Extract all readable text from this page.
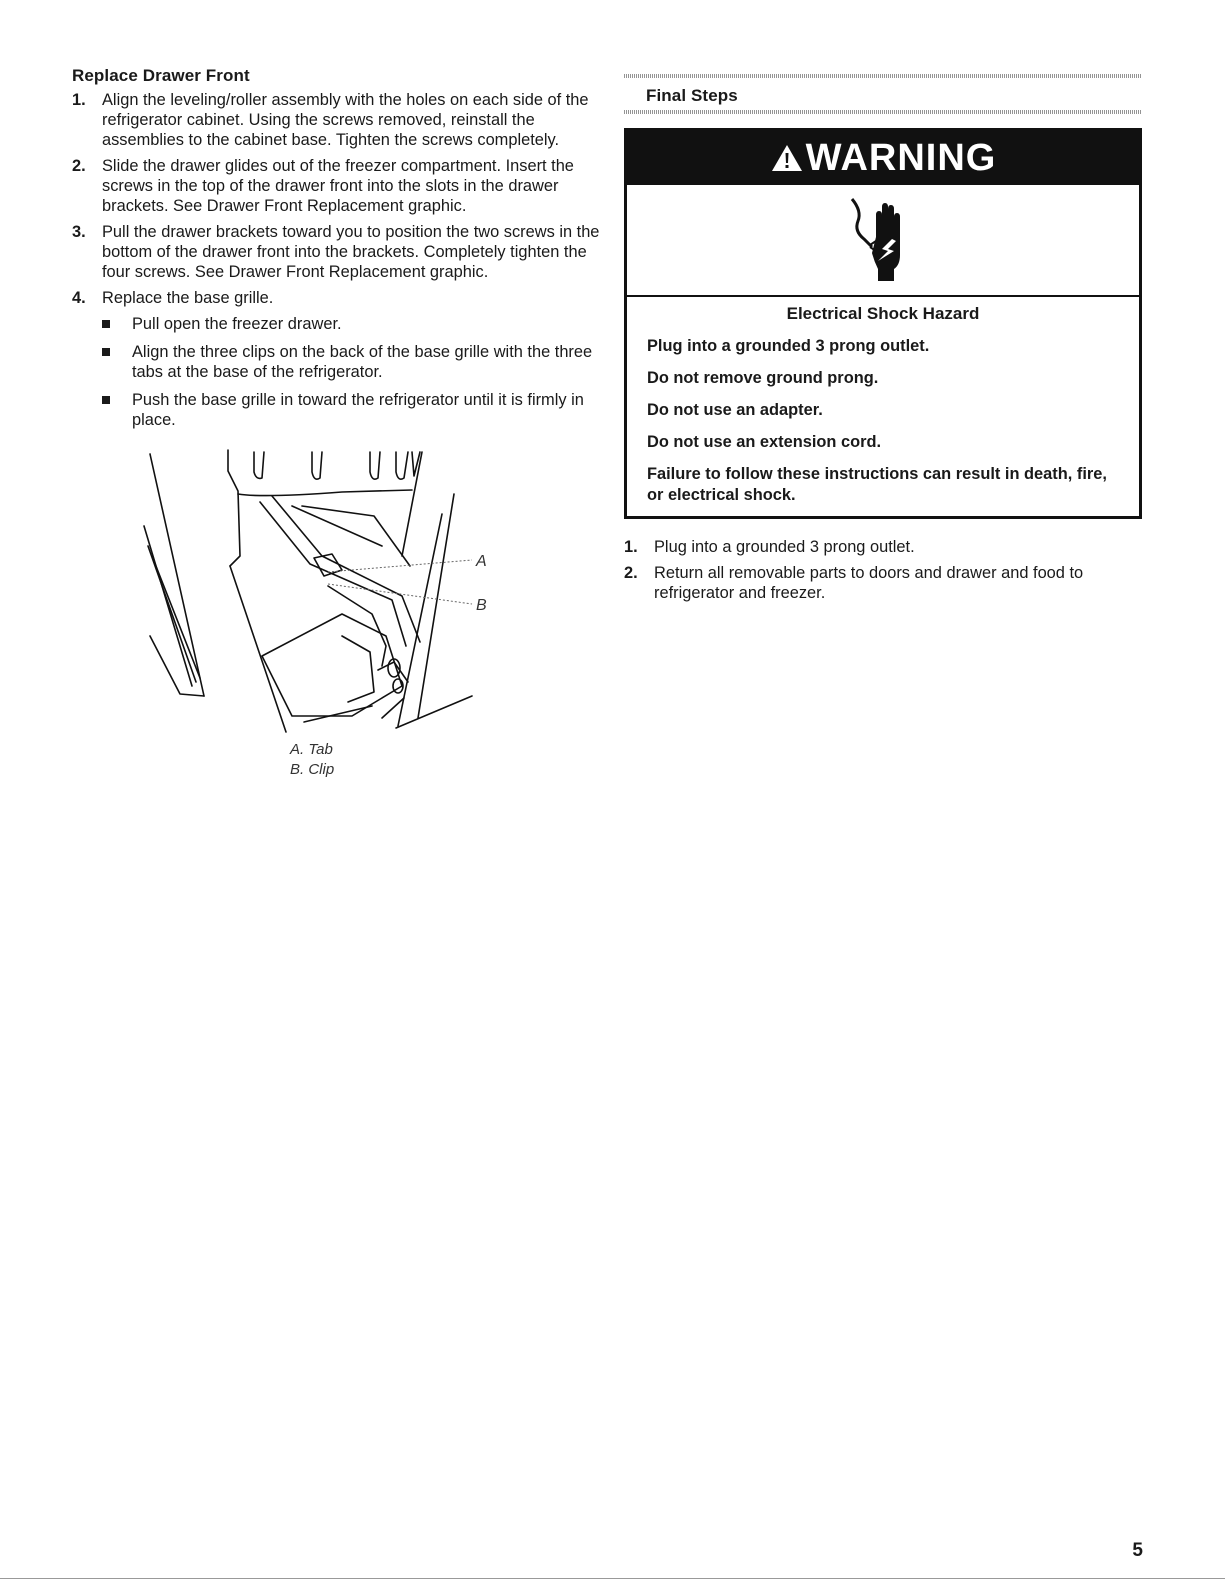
Replace Drawer Front
1. Align the leveling/roller assembly with the holes on each side of the refrigerator cabinet. Using the screws removed, reinstall the assemblies to the cabinet base. Tighten the screws completely.
2. Slide the drawer glides out of the freezer compartment. Insert the screws in the top of the drawer front into the slots in the drawer brackets. See Drawer Front Replacement graphic.
3. Pull the drawer brackets toward you to position the two screws in the bottom of the drawer front into the brackets. Completely tighten the four screws. See Drawer Front Replacement graphic.
4. Replace the base grille.
Pull open the freezer drawer.
Align the three clips on the back of the base grille with the three tabs at the base of the refrigerator.
Push the base grille in toward the refrigerator until it is firmly in place.
A
B
A. Tab
B. Clip
Final Steps
WARNING

Electrical Shock Hazard

Plug into a grounded 3 prong outlet.

Do not remove ground prong.

Do not use an adapter.

Do not use an extension cord.

Failure to follow these instructions can result in death, fire, or electrical shock.

1. Plug into a grounded 3 prong outlet.
2. Return all removable parts to doors and drawer and food to refrigerator and freezer.
5
